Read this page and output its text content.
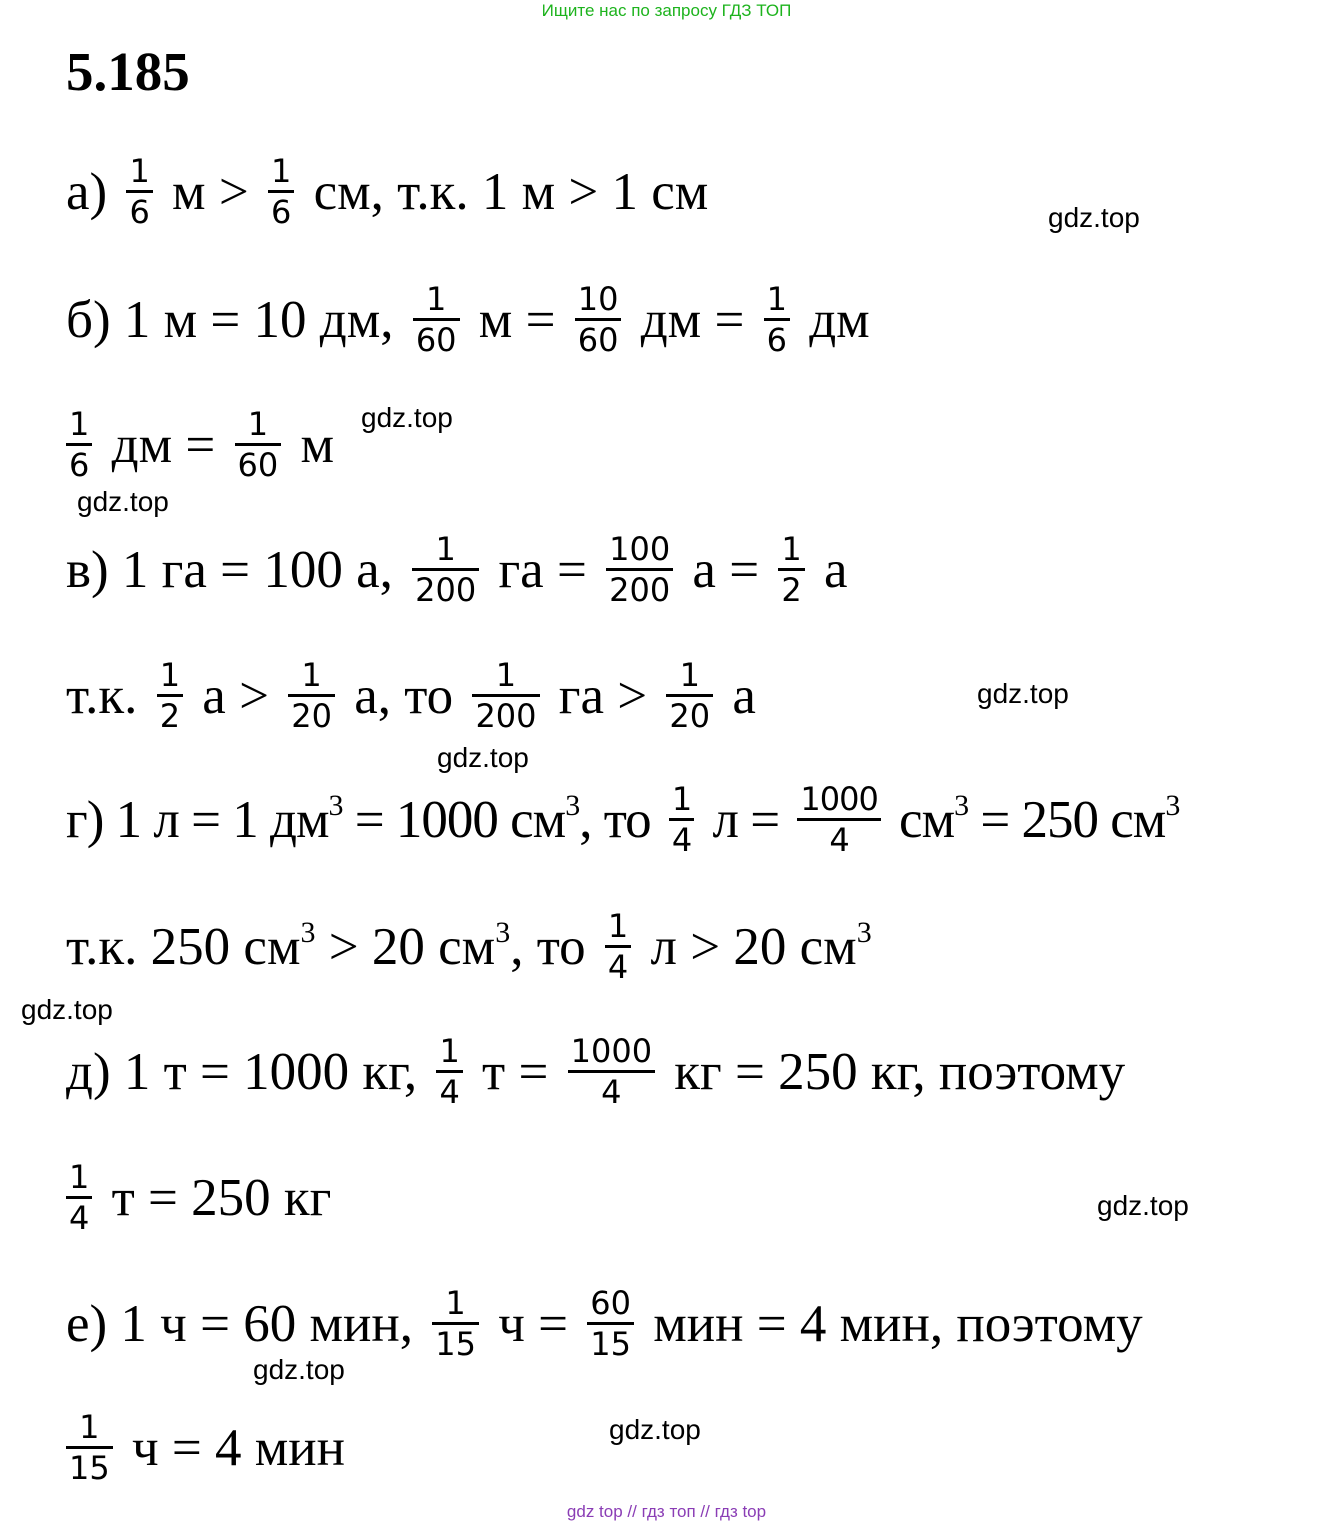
Ищите нас по запросу ГДЗ ТОП
5.185
$а) \frac{1}{6}$ $м > \frac{1}{6}$ см, т.к. 1 м > 1 см
б) 1 м = 10 дм, $\frac{1}{60}$ $м = \frac{10}{60}$ дм = $\frac{1}{6}$ дм
$\frac{1}{6}$ дм = $\frac{1}{60}$ м
в) 1 га = 100 а, $\frac{1}{200}$ га = $\frac{100}{200}$ $а = \frac{1}{2}$ а
т.к. $\frac{1}{2}$ $а > \frac{1}{20} а$, то $\frac{1}{200}$ га > $\frac{1}{20}$ а
г) 1 л = 1 $дм^3 = 1000$ $см^3$, то $\frac{1}{4}$ $л = \frac{1000}{4} см^3 = 250$ $см^3$
т.к. 250 $см^3 > 20$ $см^3$, то $\frac{1}{4}$ л > 20 $см^3$
д) 1 т = 1000 кг, $\frac{1}{4}$ $т = \frac{1000}{4}$ кг = 250 кг, поэтому
$\frac{1}{4}$ т = 250 кг
е) 1 ч = 60 мин, $\frac{1}{15}$ $ч = \frac{60}{15}$ мин = 4 мин, поэтому
$\frac{1}{15}$ ч = 4 мин
gdz.top
gdz.top
gdz.top
gdz.top
gdz.top
gdz.top
gdz.top
gdz.top
gdz.top
gdz top // гдз топ // гдз top
